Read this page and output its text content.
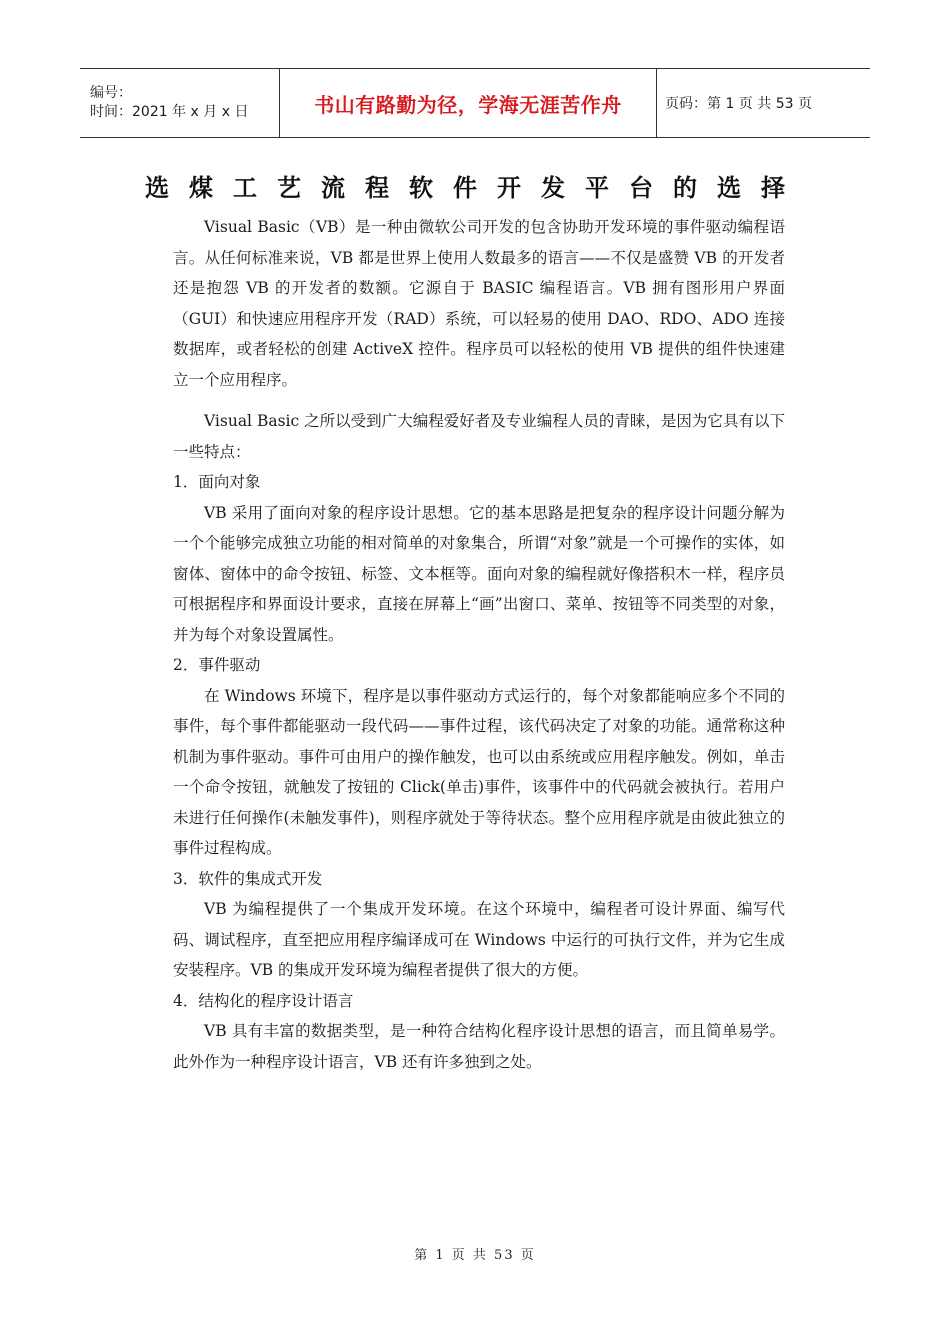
编号：
时间：2021 年 x 月 x 日	书山有路勤为径，学海无涯苦作舟	页码：第 1 页 共 53 页
选煤工艺流程软件开发平台的选择

Visual Basic（VB）是一种由微软公司开发的包含协助开发环境的事件驱动编程语言。从任何标准来说，VB 都是世界上使用人数最多的语言——不仅是盛赞 VB 的开发者还是抱怨 VB 的开发者的数额。它源自于 BASIC 编程语言。VB 拥有图形用户界面（GUI）和快速应用程序开发（RAD）系统，可以轻易的使用 DAO、RDO、ADO 连接数据库，或者轻松的创建 ActiveX 控件。程序员可以轻松的使用 VB 提供的组件快速建立一个应用程序。

Visual Basic 之所以受到广大编程爱好者及专业编程人员的青睐，是因为它具有以下一些特点：

1．面向对象

VB 采用了面向对象的程序设计思想。它的基本思路是把复杂的程序设计问题分解为一个个能够完成独立功能的相对简单的对象集合，所谓“对象”就是一个可操作的实体，如窗体、窗体中的命令按钮、标签、文本框等。面向对象的编程就好像搭积木一样，程序员可根据程序和界面设计要求，直接在屏幕上“画”出窗口、菜单、按钮等不同类型的对象，并为每个对象设置属性。

2．事件驱动

在 Windows 环境下，程序是以事件驱动方式运行的，每个对象都能响应多个不同的事件，每个事件都能驱动一段代码——事件过程，该代码决定了对象的功能。通常称这种机制为事件驱动。事件可由用户的操作触发，也可以由系统或应用程序触发。例如，单击一个命令按钮，就触发了按钮的 Click(单击)事件，该事件中的代码就会被执行。若用户未进行任何操作(未触发事件)，则程序就处于等待状态。整个应用程序就是由彼此独立的事件过程构成。

3．软件的集成式开发

VB 为编程提供了一个集成开发环境。在这个环境中，编程者可设计界面、编写代码、调试程序，直至把应用程序编译成可在 Windows 中运行的可执行文件，并为它生成安装程序。VB 的集成开发环境为编程者提供了很大的方便。

4．结构化的程序设计语言

VB 具有丰富的数据类型，是一种符合结构化程序设计思想的语言，而且简单易学。此外作为一种程序设计语言，VB 还有许多独到之处。

第 1 页 共 53 页
